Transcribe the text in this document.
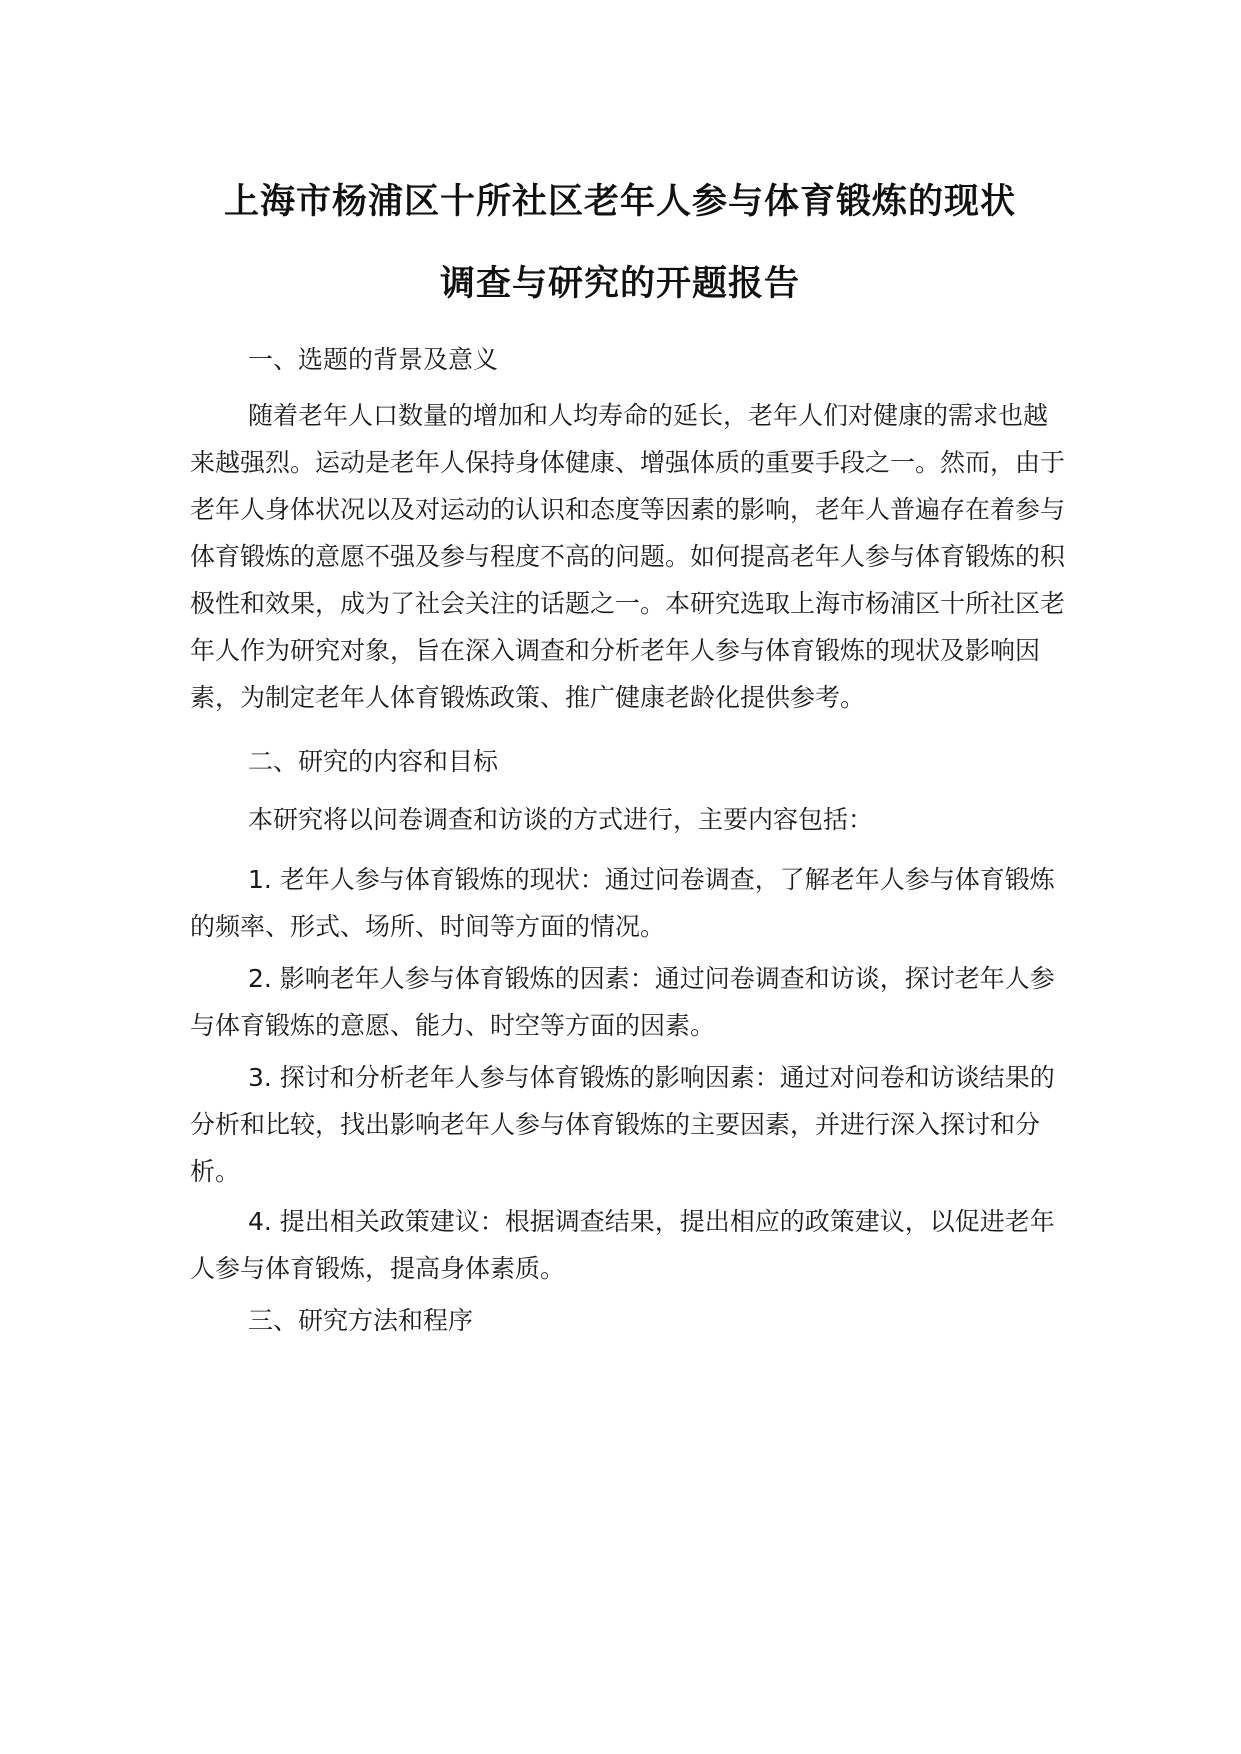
上海市杨浦区十所社区老年人参与体育锻炼的现状
调查与研究的开题报告
一、选题的背景及意义
随着老年人口数量的增加和人均寿命的延长，老年人们对健康的需求也越来越强烈。运动是老年人保持身体健康、增强体质的重要手段之一。然而，由于老年人身体状况以及对运动的认识和态度等因素的影响，老年人普遍存在着参与体育锻炼的意愿不强及参与程度不高的问题。如何提高老年人参与体育锻炼的积极性和效果，成为了社会关注的话题之一。本研究选取上海市杨浦区十所社区老年人作为研究对象，旨在深入调查和分析老年人参与体育锻炼的现状及影响因素，为制定老年人体育锻炼政策、推广健康老龄化提供参考。
二、研究的内容和目标
本研究将以问卷调查和访谈的方式进行，主要内容包括：
1. 老年人参与体育锻炼的现状：通过问卷调查，了解老年人参与体育锻炼的频率、形式、场所、时间等方面的情况。
2. 影响老年人参与体育锻炼的因素：通过问卷调查和访谈，探讨老年人参与体育锻炼的意愿、能力、时空等方面的因素。
3. 探讨和分析老年人参与体育锻炼的影响因素：通过对问卷和访谈结果的分析和比较，找出影响老年人参与体育锻炼的主要因素，并进行深入探讨和分析。
4. 提出相关政策建议：根据调查结果，提出相应的政策建议，以促进老年人参与体育锻炼，提高身体素质。
三、研究方法和程序
